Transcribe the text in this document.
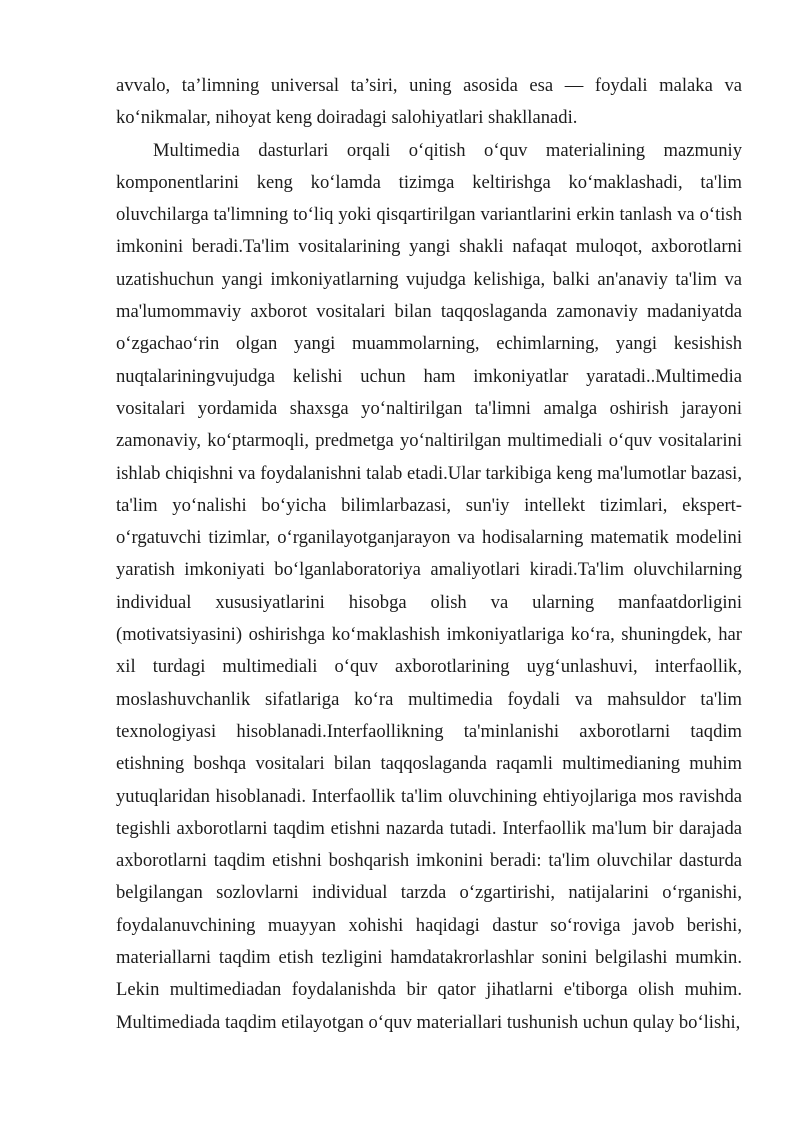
avvalo, ta’limning universal ta’siri, uning asosida esa — foydali malaka va ko‘nikmalar, nihoyat keng doiradagi salohiyatlari shakllanadi.

Multimedia dasturlari orqali o‘qitish o‘quv materialining mazmuniy komponentlarini keng ko‘lamda tizimga keltirishga ko‘maklashadi, ta'lim oluvchilarga ta'limning to‘liq yoki qisqartirilgan variantlarini erkin tanlash va o‘tish imkonini beradi.Ta'lim vositalarining yangi shakli nafaqat muloqot, axborotlarni uzatishuchun yangi imkoniyatlarning vujudga kelishiga, balki an'anaviy ta'lim va ma'lumommaviy axborot vositalari bilan taqqoslaganda zamonaviy madaniyatda o‘zgachao‘rin olgan yangi muammolarning, echimlarning, yangi kesishish nuqtalariningvujudga kelishi uchun ham imkoniyatlar yaratadi..Multimedia vositalari yordamida shaxsga yo‘naltirilgan ta'limni amalga oshirish jarayoni zamonaviy, ko‘ptarmoqli, predmetga yo‘naltirilgan multimediali o‘quv vositalarini ishlab chiqishni va foydalanishni talab etadi.Ular tarkibiga keng ma'lumotlar bazasi, ta'lim yo‘nalishi bo‘yicha bilimlarbazasi, sun'iy intellekt tizimlari, ekspert-o‘rgatuvchi tizimlar, o‘rganilayotganjarayon va hodisalarning matematik modelini yaratish imkoniyati bo‘lganlaboratoriya amaliyotlari kiradi.Ta'lim oluvchilarning individual xususiyatlarini hisobga olish va ularning manfaatdorligini (motivatsiyasini) oshirishga ko‘maklashish imkoniyatlariga ko‘ra, shuningdek, har xil turdagi multimediali o‘quv axborotlarining uyg‘unlashuvi, interfaollik, moslashuvchanlik sifatlariga ko‘ra multimedia foydali va mahsuldor ta'lim texnologiyasi hisoblanadi.Interfaollikning ta'minlanishi axborotlarni taqdim etishning boshqa vositalari bilan taqqoslaganda raqamli multimedianing muhim yutuqlaridan hisoblanadi. Interfaollik ta'lim oluvchining ehtiyojlariga mos ravishda tegishli axborotlarni taqdim etishni nazarda tutadi. Interfaollik ma'lum bir darajada axborotlarni taqdim etishni boshqarish imkonini beradi: ta'lim oluvchilar dasturda belgilangan sozlovlarni individual tarzda o‘zgartirishi, natijalarini o‘rganishi, foydalanuvchining muayyan xohishi haqidagi dastur so‘roviga javob berishi, materiallarni taqdim etish tezligini hamdatakrorlashlar sonini belgilashi mumkin. Lekin multimediadan foydalanishda bir qator jihatlarni e'tiborga olish muhim. Multimediada taqdim etilayotgan o‘quv materiallari tushunish uchun qulay bo‘lishi,
